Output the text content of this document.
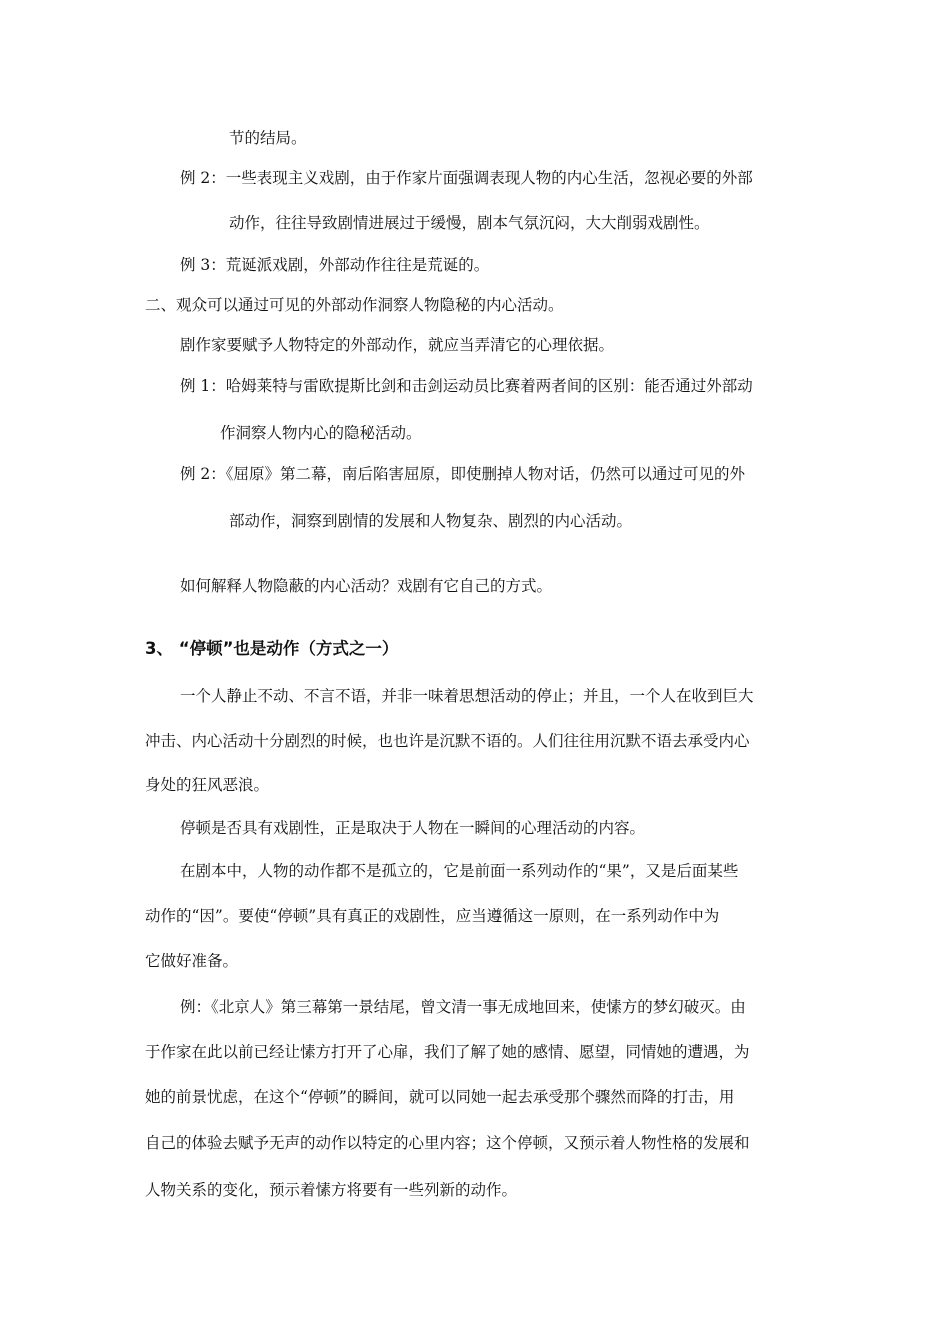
节的结局。
例 2：一些表现主义戏剧，由于作家片面强调表现人物的内心生活，忽视必要的外部
动作，往往导致剧情进展过于缓慢，剧本气氛沉闷，大大削弱戏剧性。
例 3：荒诞派戏剧，外部动作往往是荒诞的。
二、观众可以通过可见的外部动作洞察人物隐秘的内心活动。
剧作家要赋予人物特定的外部动作，就应当弄清它的心理依据。
例 1：哈姆莱特与雷欧提斯比剑和击剑运动员比赛着两者间的区别：能否通过外部动
作洞察人物内心的隐秘活动。
例 2：《屈原》第二幕，南后陷害屈原，即使删掉人物对话，仍然可以通过可见的外
部动作，洞察到剧情的发展和人物复杂、剧烈的内心活动。
如何解释人物隐蔽的内心活动？戏剧有它自己的方式。
3、 “停顿”也是动作（方式之一）
一个人静止不动、不言不语，并非一味着思想活动的停止；并且，一个人在收到巨大
冲击、内心活动十分剧烈的时候，也也许是沉默不语的。人们往往用沉默不语去承受内心
身处的狂风恶浪。
停顿是否具有戏剧性，正是取决于人物在一瞬间的心理活动的内容。
在剧本中，人物的动作都不是孤立的，它是前面一系列动作的“果”，又是后面某些
动作的“因”。要使“停顿”具有真正的戏剧性，应当遵循这一原则，在一系列动作中为
它做好准备。
例：《北京人》第三幕第一景结尾，曾文清一事无成地回来，使愫方的梦幻破灭。由
于作家在此以前已经让愫方打开了心扉，我们了解了她的感情、愿望，同情她的遭遇，为
她的前景忧虑，在这个“停顿”的瞬间，就可以同她一起去承受那个骤然而降的打击，用
自己的体验去赋予无声的动作以特定的心里内容；这个停顿，又预示着人物性格的发展和
人物关系的变化，预示着愫方将要有一些列新的动作。
